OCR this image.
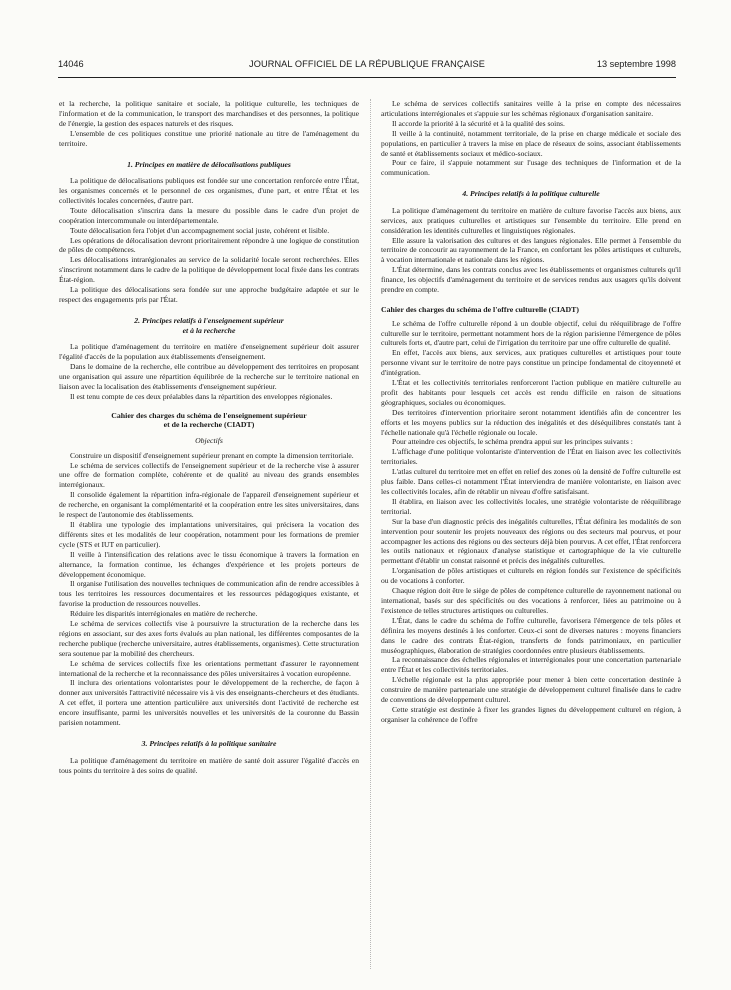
14046	JOURNAL OFFICIEL DE LA RÉPUBLIQUE FRANÇAISE	13 septembre 1998

et la recherche, la politique sanitaire et sociale, la politique culturelle, les techniques de l'information et de la communication, le transport des marchandises et des personnes, la politique de l'énergie, la gestion des espaces naturels et des risques.

L'ensemble de ces politiques constitue une priorité nationale au titre de l'aménagement du territoire.

1. Principes en matière de délocalisations publiques

La politique de délocalisations publiques est fondée sur une concertation renforcée entre l'État, les organismes concernés et le personnel de ces organismes, d'une part, et entre l'État et les collectivités locales concernées, d'autre part.

Toute délocalisation s'inscrira dans la mesure du possible dans le cadre d'un projet de coopération intercommunale ou interdépartementale.

Toute délocalisation fera l'objet d'un accompagnement social juste, cohérent et lisible.

Les opérations de délocalisation devront prioritairement répondre à une logique de constitution de pôles de compétences.

Les délocalisations intrarégionales au service de la solidarité locale seront recherchées. Elles s'inscriront notamment dans le cadre de la politique de développement local fixée dans les contrats État-région.

La politique des délocalisations sera fondée sur une approche budgétaire adaptée et sur le respect des engagements pris par l'État.

2. Principes relatifs à l'enseignement supérieur
et à la recherche

La politique d'aménagement du territoire en matière d'enseignement supérieur doit assurer l'égalité d'accès de la population aux établissements d'enseignement.

Dans le domaine de la recherche, elle contribue au développement des territoires en proposant une organisation qui assure une répartition équilibrée de la recherche sur le territoire national en liaison avec la localisation des établissements d'enseignement supérieur.

Il est tenu compte de ces deux préalables dans la répartition des enveloppes régionales.

Cahier des charges du schéma de l'enseignement supérieur
et de la recherche (CIADT)
Objectifs

Construire un dispositif d'enseignement supérieur prenant en compte la dimension territoriale.

Le schéma de services collectifs de l'enseignement supérieur et de la recherche vise à assurer une offre de formation complète, cohérente et de qualité au niveau des grands ensembles interrégionaux.

Il consolide également la répartition infra-régionale de l'appareil d'enseignement supérieur et de recherche, en organisant la complémentarité et la coopération entre les sites universitaires, dans le respect de l'autonomie des établissements.

Il établira une typologie des implantations universitaires, qui précisera la vocation des différents sites et les modalités de leur coopération, notamment pour les formations de premier cycle (STS et IUT en particulier).

Il veille à l'intensification des relations avec le tissu économique à travers la formation en alternance, la formation continue, les échanges d'expérience et les projets porteurs de développement économique.

Il organise l'utilisation des nouvelles techniques de communication afin de rendre accessibles à tous les territoires les ressources documentaires et les ressources pédagogiques existante, et favorise la production de ressources nouvelles.

Réduire les disparités interrégionales en matière de recherche.

Le schéma de services collectifs vise à poursuivre la structuration de la recherche dans les régions en associant, sur des axes forts évalués au plan national, les différentes composantes de la recherche publique (recherche universitaire, autres établissements, organismes). Cette structuration sera soutenue par la mobilité des chercheurs.

Le schéma de services collectifs fixe les orientations permettant d'assurer le rayonnement international de la recherche et la reconnaissance des pôles universitaires à vocation européenne.

Il inclura des orientations volontaristes pour le développement de la recherche, de façon à donner aux universités l'attractivité nécessaire vis à vis des enseignants-chercheurs et des étudiants. A cet effet, il portera une attention particulière aux universités dont l'activité de recherche est encore insuffisante, parmi les universités nouvelles et les universités de la couronne du Bassin parisien notamment.

3. Principes relatifs à la politique sanitaire

La politique d'aménagement du territoire en matière de santé doit assurer l'égalité d'accès en tous points du territoire à des soins de qualité.

Le schéma de services collectifs sanitaires veille à la prise en compte des nécessaires articulations interrégionales et s'appuie sur les schémas régionaux d'organisation sanitaire.

Il accorde la priorité à la sécurité et à la qualité des soins.

Il veille à la continuité, notamment territoriale, de la prise en charge médicale et sociale des populations, en particulier à travers la mise en place de réseaux de soins, associant établissements de santé et établissements sociaux et médico-sociaux.

Pour ce faire, il s'appuie notamment sur l'usage des techniques de l'information et de la communication.

4. Principes relatifs à la politique culturelle

La politique d'aménagement du territoire en matière de culture favorise l'accès aux biens, aux services, aux pratiques culturelles et artistiques sur l'ensemble du territoire. Elle prend en considération les identités culturelles et linguistiques régionales.

Elle assure la valorisation des cultures et des langues régionales. Elle permet à l'ensemble du territoire de concourir au rayonnement de la France, en confortant les pôles artistiques et culturels, à vocation internationale et nationale dans les régions.

L'État détermine, dans les contrats conclus avec les établissements et organismes culturels qu'il finance, les objectifs d'aménagement du territoire et de services rendus aux usagers qu'ils doivent prendre en compte.

Cahier des charges du schéma de l'offre culturelle (CIADT)

Le schéma de l'offre culturelle répond à un double objectif, celui du rééquilibrage de l'offre culturelle sur le territoire, permettant notamment hors de la région parisienne l'émergence de pôles culturels forts et, d'autre part, celui de l'irrigation du territoire par une offre culturelle de qualité.

En effet, l'accès aux biens, aux services, aux pratiques culturelles et artistiques pour toute personne vivant sur le territoire de notre pays constitue un principe fondamental de citoyenneté et d'intégration.

L'État et les collectivités territoriales renforceront l'action publique en matière culturelle au profit des habitants pour lesquels cet accès est rendu difficile en raison de situations géographiques, sociales ou économiques.

Des territoires d'intervention prioritaire seront notamment identifiés afin de concentrer les efforts et les moyens publics sur la réduction des inégalités et des déséquilibres constatés tant à l'échelle nationale qu'à l'échelle régionale ou locale.

Pour atteindre ces objectifs, le schéma prendra appui sur les principes suivants :

L'affichage d'une politique volontariste d'intervention de l'État en liaison avec les collectivités territoriales.

L'atlas culturel du territoire met en effet en relief des zones où la densité de l'offre culturelle est plus faible. Dans celles-ci notamment l'État interviendra de manière volontariste, en liaison avec les collectivités locales, afin de rétablir un niveau d'offre satisfaisant.

Il établira, en liaison avec les collectivités locales, une stratégie volontariste de rééquilibrage territorial.

Sur la base d'un diagnostic précis des inégalités culturelles, l'État définira les modalités de son intervention pour soutenir les projets nouveaux des régions ou des secteurs mal pourvus, et pour accompagner les actions des régions ou des secteurs déjà bien pourvus. A cet effet, l'État renforcera les outils nationaux et régionaux d'analyse statistique et cartographique de la vie culturelle permettant d'établir un constat raisonné et précis des inégalités culturelles.

L'organisation de pôles artistiques et culturels en région fondés sur l'existence de spécificités ou de vocations à conforter.

Chaque région doit être le siège de pôles de compétence culturelle de rayonnement national ou international, basés sur des spécificités ou des vocations à renforcer, liées au patrimoine ou à l'existence de telles structures artistiques ou culturelles.

L'État, dans le cadre du schéma de l'offre culturelle, favorisera l'émergence de tels pôles et définira les moyens destinés à les conforter. Ceux-ci sont de diverses natures : moyens financiers dans le cadre des contrats État-région, transferts de fonds patrimoniaux, en particulier muséographiques, élaboration de stratégies coordonnées entre plusieurs établissements.

La reconnaissance des échelles régionales et interrégionales pour une concertation partenariale entre l'État et les collectivités territoriales.

L'échelle régionale est la plus appropriée pour mener à bien cette concertation destinée à construire de manière partenariale une stratégie de développement culturel finalisée dans le cadre de conventions de développement culturel.

Cette stratégie est destinée à fixer les grandes lignes du développement culturel en région, à organiser la cohérence de l'offre
